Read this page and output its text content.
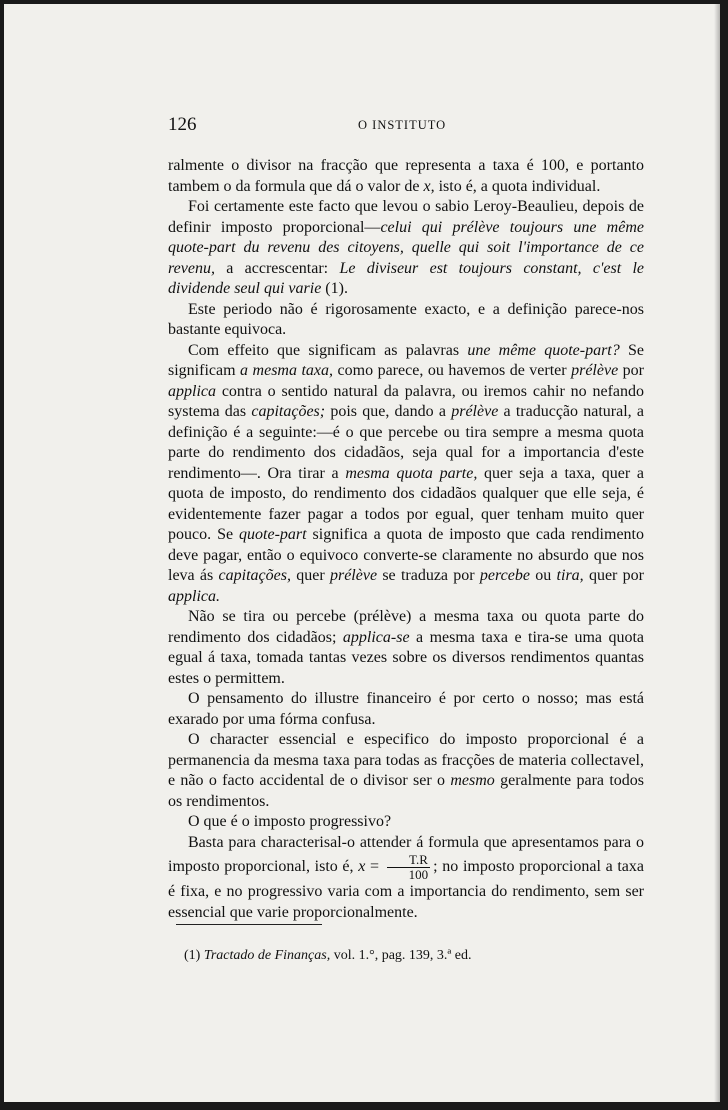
126	O INSTITUTO

ralmente o divisor na fracção que representa a taxa é 100, e portanto tambem o da formula que dá o valor de x, isto é, a quota individual.

Foi certamente este facto que levou o sabio Leroy-Beaulieu, depois de definir imposto proporcional—celui qui prélève toujours une même quote-part du revenu des citoyens, quelle qui soit l'importance de ce revenu, a accrescentar: Le diviseur est toujours constant, c'est le dividende seul qui varie (1).

Este periodo não é rigorosamente exacto, e a definição parece-nos bastante equivoca.

Com effeito que significam as palavras une même quote-part? Se significam a mesma taxa, como parece, ou havemos de verter prélève por applica contra o sentido natural da palavra, ou iremos cahir no nefando systema das capitações; pois que, dando a prélève a traducção natural, a definição é a seguinte:—é o que percebe ou tira sempre a mesma quota parte do rendimento dos cidadãos, seja qual for a importancia d'este rendimento—. Ora tirar a mesma quota parte, quer seja a taxa, quer a quota de imposto, do rendimento dos cidadãos qualquer que elle seja, é evidentemente fazer pagar a todos por egual, quer tenham muito quer pouco. Se quote-part significa a quota de imposto que cada rendimento deve pagar, então o equivoco converte-se claramente no absurdo que nos leva ás capitações, quer prélève se traduza por percebe ou tira, quer por applica.

Não se tira ou percebe (prélève) a mesma taxa ou quota parte do rendimento dos cidadãos; applica-se a mesma taxa e tira-se uma quota egual á taxa, tomada tantas vezes sobre os diversos rendimentos quantas estes o permittem.

O pensamento do illustre financeiro é por certo o nosso; mas está exarado por uma fórma confusa.

O character essencial e especifico do imposto proporcional é a permanencia da mesma taxa para todas as fracções de materia collectavel, e não o facto accidental de o divisor ser o mesmo geralmente para todos os rendimentos.

O que é o imposto progressivo?

Basta para characterisal-o attender á formula que apresentamos para o imposto proporcional, isto é, $x = \frac{T.R}{100}$ ; no imposto proporcional a taxa é fixa, e no progressivo varia com a importancia do rendimento, sem ser essencial que varie proporcionalmente.

(1) Tractado de Finanças, vol. 1.°, pag. 139, 3.ª ed.
